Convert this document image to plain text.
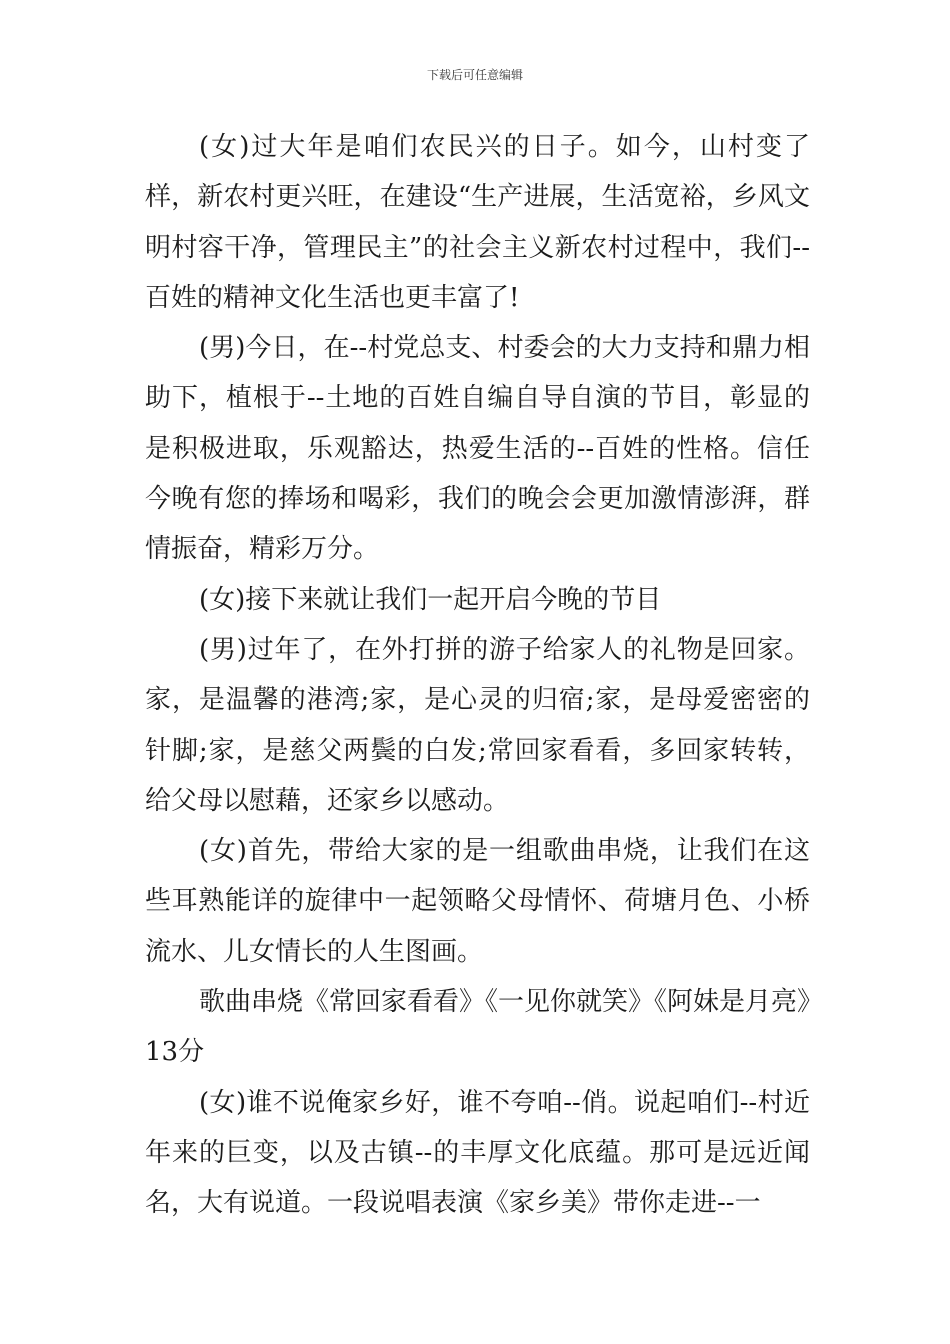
下载后可任意编辑

(女)过大年是咱们农民兴的日子。如今，山村变了样，新农村更兴旺，在建设“生产进展，生活宽裕，乡风文明村容干净，管理民主”的社会主义新农村过程中，我们--百姓的精神文化生活也更丰富了!

(男)今日，在--村党总支、村委会的大力支持和鼎力相助下，植根于--土地的百姓自编自导自演的节目，彰显的是积极进取，乐观豁达，热爱生活的--百姓的性格。信任今晚有您的捧场和喝彩，我们的晚会会更加激情澎湃，群情振奋，精彩万分。

(女)接下来就让我们一起开启今晚的节目

(男)过年了，在外打拼的游子给家人的礼物是回家。家，是温馨的港湾;家，是心灵的归宿;家，是母爱密密的针脚;家，是慈父两鬓的白发;常回家看看，多回家转转，给父母以慰藉，还家乡以感动。

(女)首先，带给大家的是一组歌曲串烧，让我们在这些耳熟能详的旋律中一起领略父母情怀、荷塘月色、小桥流水、儿女情长的人生图画。

歌曲串烧《常回家看看》《一见你就笑》《阿妹是月亮》13分

(女)谁不说俺家乡好，谁不夸咱--俏。说起咱们--村近年来的巨变，以及古镇--的丰厚文化底蕴。那可是远近闻名，大有说道。一段说唱表演《家乡美》带你走进--一
